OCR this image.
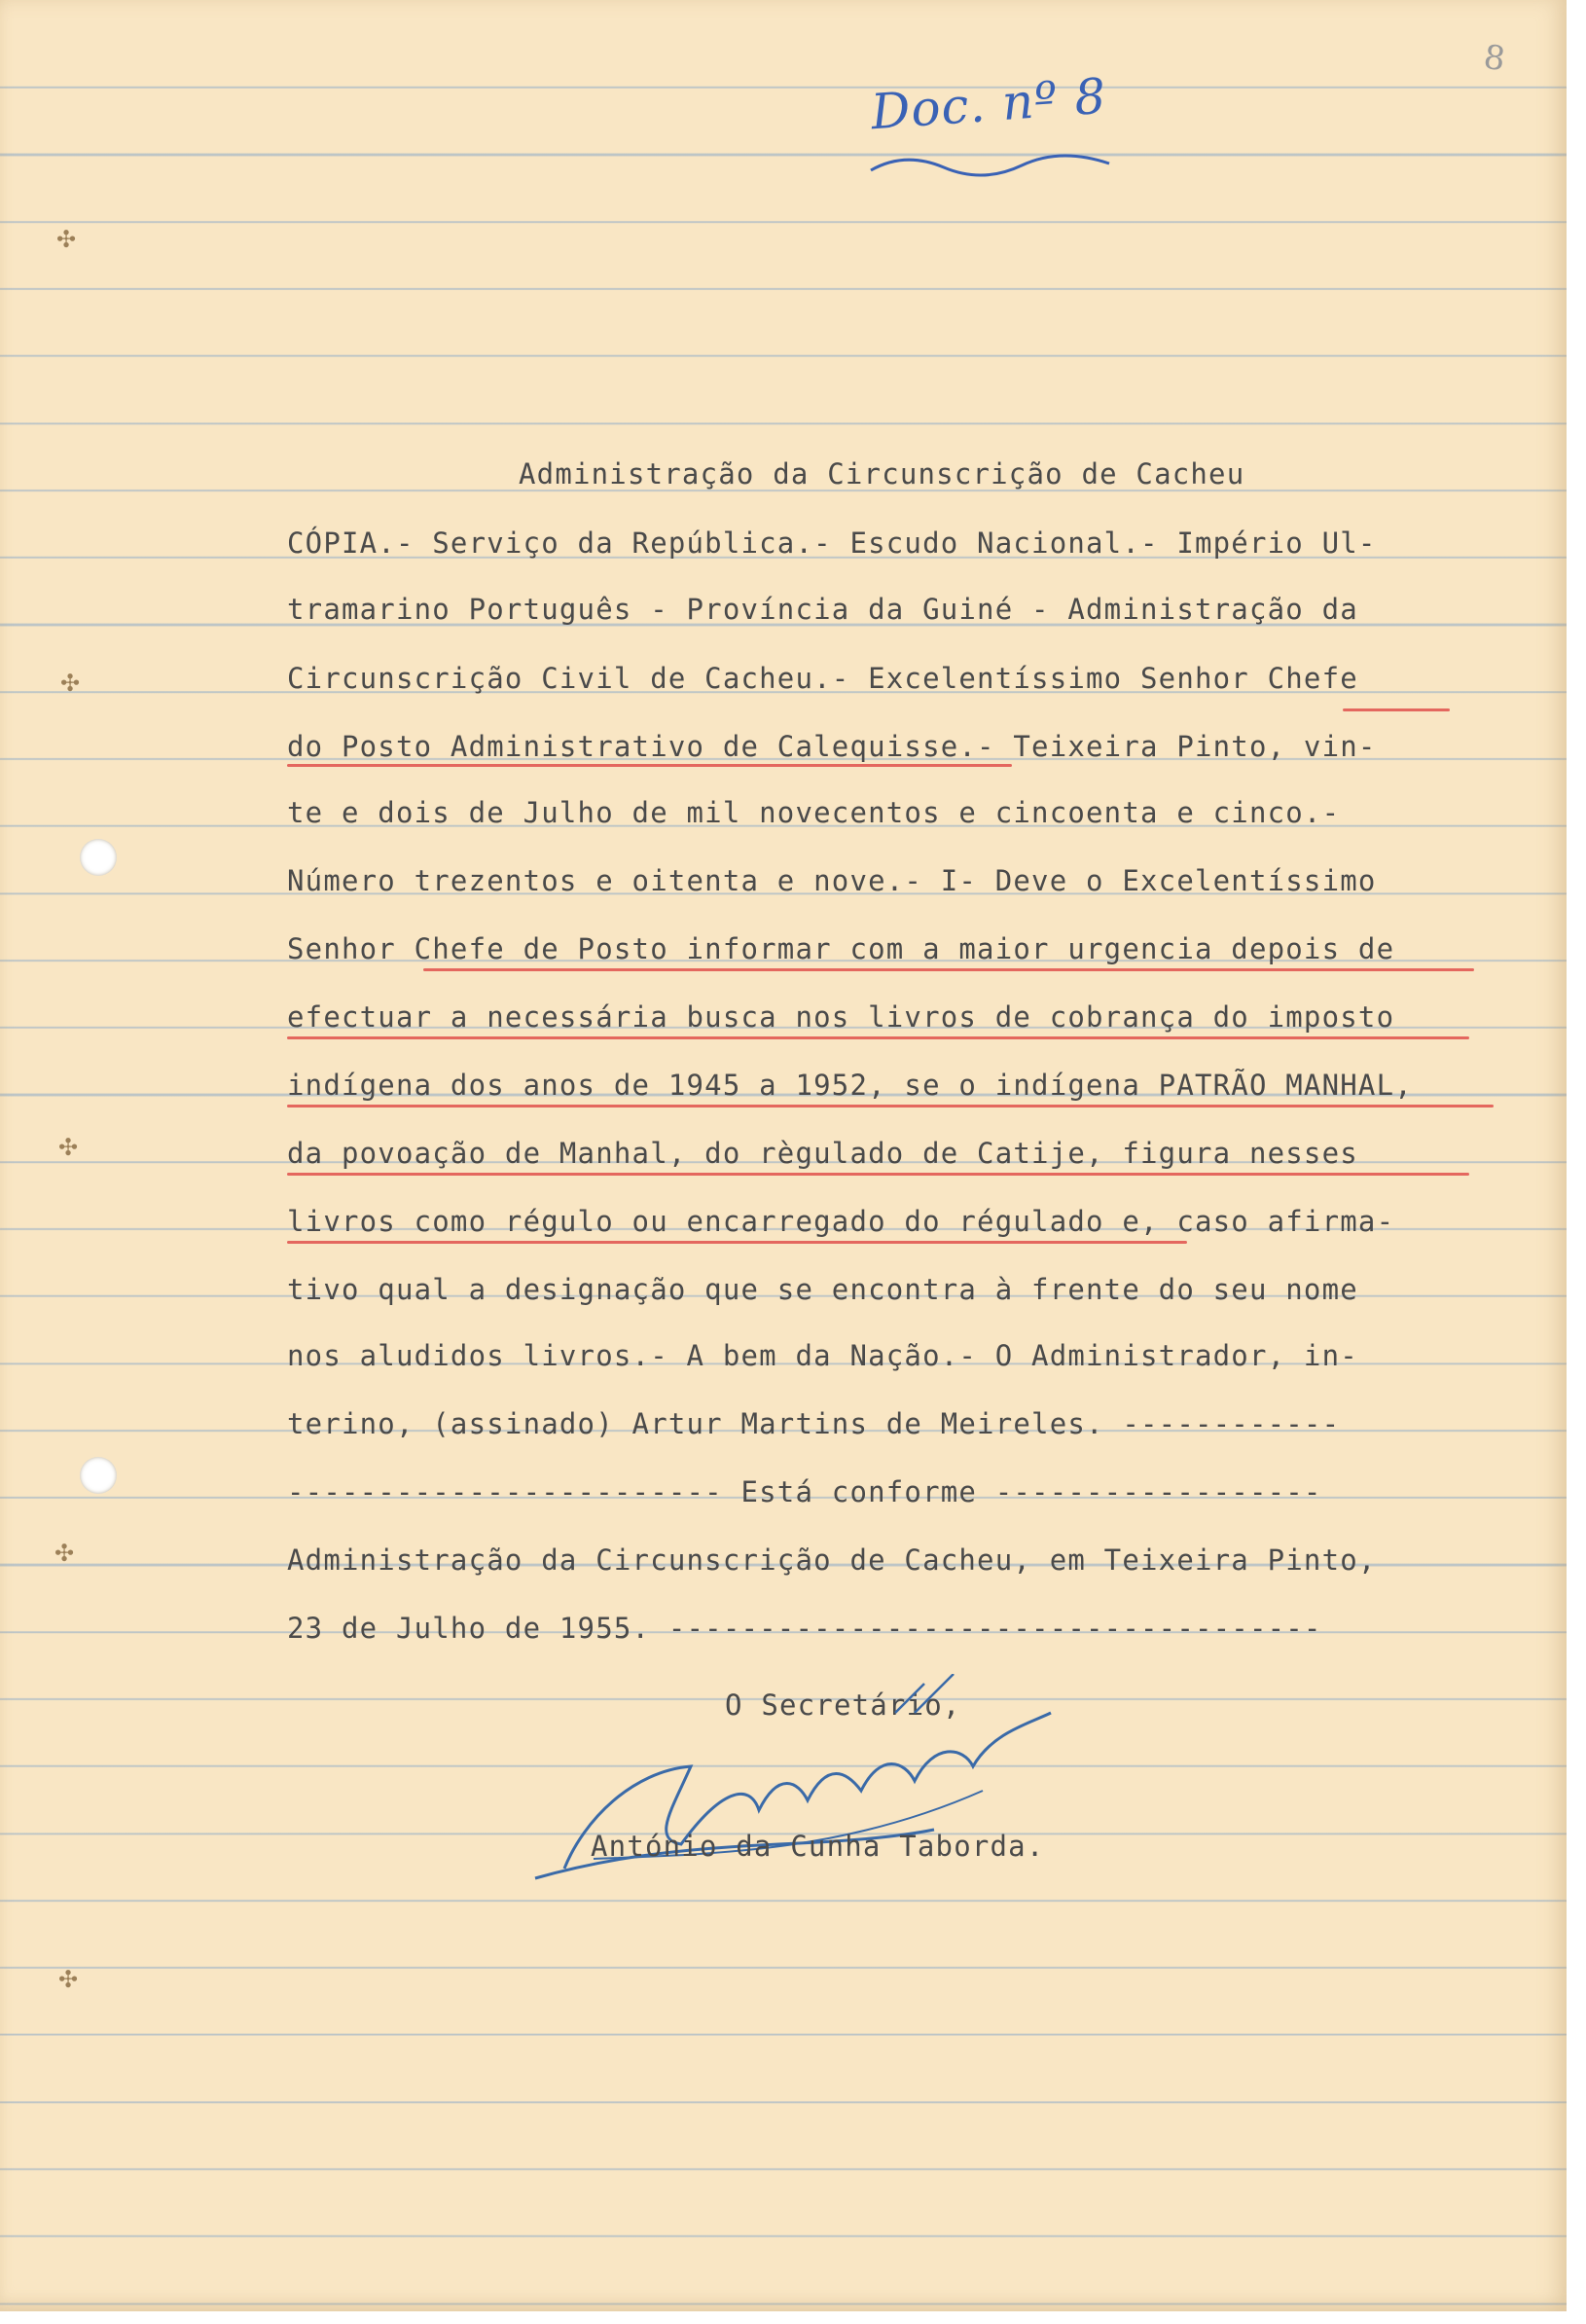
8
Doc. nº 8
✣
✣
✣
✣
✣
Administração da Circunscrição de Cacheu
CÓPIA.- Serviço da República.- Escudo Nacional.- Império Ul-
tramarino Português - Província da Guiné - Administração da
Circunscrição Civil de Cacheu.- Excelentíssimo Senhor Chefe
do Posto Administrativo de Calequisse.- Teixeira Pinto, vin-
te e dois de Julho de mil novecentos e cincoenta e cinco.-
Número trezentos e oitenta e nove.- I- Deve o Excelentíssimo
Senhor Chefe de Posto informar com a maior urgencia depois de
efectuar a necessária busca nos livros de cobrança do imposto
indígena dos anos de 1945 a 1952, se o indígena PATRÃO MANHAL,
da povoação de Manhal, do règulado de Catije, figura nesses
livros como régulo ou encarregado do régulado e, caso afirma-
tivo qual a designação que se encontra à frente do seu nome
nos aludidos livros.- A bem da Nação.- O Administrador, in-
terino, (assinado) Artur Martins de Meireles. ------------
------------------------ Está conforme ------------------
Administração da Circunscrição de Cacheu, em Teixeira Pinto,
23 de Julho de 1955. ------------------------------------
O Secretário,
António da Cunha Taborda.
